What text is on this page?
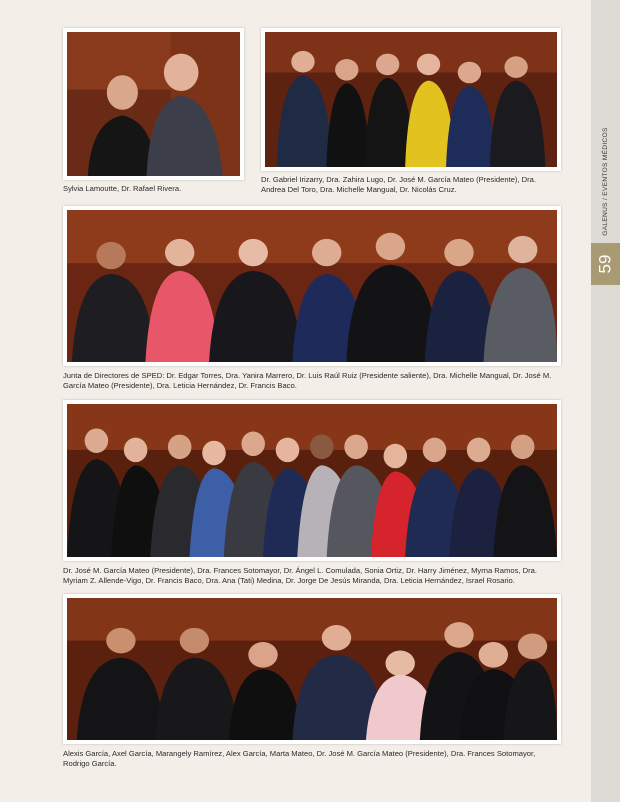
GALENUS / EVENTOS MÉDICOS
59
Sylvia Lamoutte, Dr. Rafael Rivera.
Dr. Gabriel Irizarry, Dra. Zahira Lugo, Dr. José M. García Mateo (Presidente), Dra. Andrea Del Toro, Dra. Michelle Mangual, Dr. Nicolás Cruz.
Junta de Directores de SPED: Dr. Edgar Torres, Dra. Yanira Marrero, Dr. Luis Raúl Ruiz (Presidente saliente), Dra. Michelle Mangual, Dr. José M. García Mateo (Presidente), Dra. Leticia Hernández, Dr. Francis Baco.
Dr. José M. García Mateo (Presidente), Dra. Frances Sotomayor, Dr. Ángel L. Comulada, Sonia Ortiz, Dr. Harry Jiménez, Myrna Ramos, Dra. Myriam Z. Allende-Vigo, Dr. Francis Baco, Dra. Ana (Tati) Medina, Dr. Jorge De Jesús Miranda, Dra. Leticia Hernández, Israel Rosario.
Alexis García, Axel García, Marangely Ramírez, Alex García, Marta Mateo, Dr. José M. García Mateo (Presidente), Dra. Frances Sotomayor, Rodrigo García.
